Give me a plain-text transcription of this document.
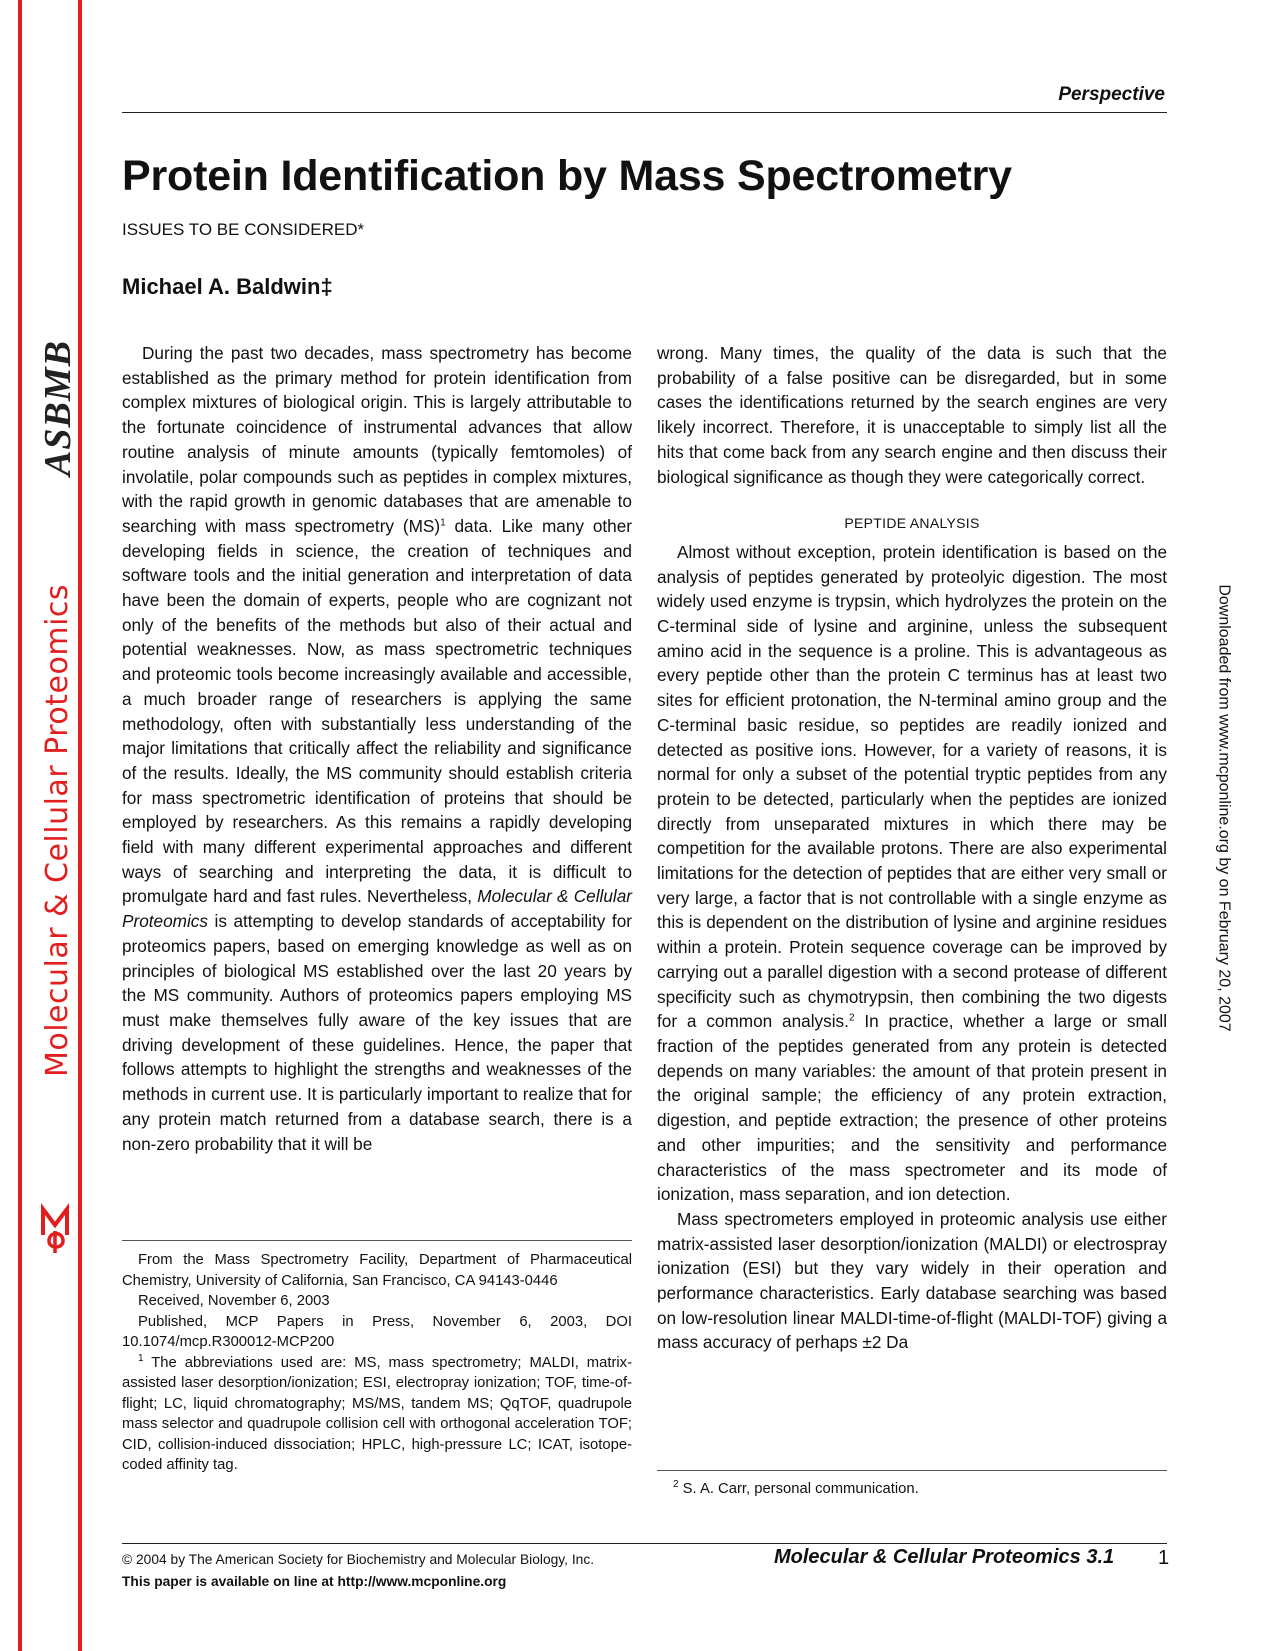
ASBMB
Molecular & Cellular Proteomics	Downloaded from www.mcponline.org by on February 20, 2007
Perspective
Protein Identification by Mass Spectrometry
ISSUES TO BE CONSIDERED*
Michael A. Baldwin‡

During the past two decades, mass spectrometry has become established as the primary method for protein identification from complex mixtures of biological origin. This is largely attributable to the fortunate coincidence of instrumental advances that allow routine analysis of minute amounts (typically femtomoles) of involatile, polar compounds such as peptides in complex mixtures, with the rapid growth in genomic databases that are amenable to searching with mass spectrometry (MS)$^1$ data. Like many other developing fields in science, the creation of techniques and software tools and the initial generation and interpretation of data have been the domain of experts, people who are cognizant not only of the benefits of the methods but also of their actual and potential weaknesses. Now, as mass spectrometric techniques and proteomic tools become increasingly available and accessible, a much broader range of researchers is applying the same methodology, often with substantially less understanding of the major limitations that critically affect the reliability and significance of the results. Ideally, the MS community should establish criteria for mass spectrometric identification of proteins that should be employed by researchers. As this remains a rapidly developing field with many different experimental approaches and different ways of searching and interpreting the data, it is difficult to promulgate hard and fast rules. Nevertheless, Molecular & Cellular Proteomics is attempting to develop standards of acceptability for proteomics papers, based on emerging knowledge as well as on principles of biological MS established over the last 20 years by the MS community. Authors of proteomics papers employing MS must make themselves fully aware of the key issues that are driving development of these guidelines. Hence, the paper that follows attempts to highlight the strengths and weaknesses of the methods in current use. It is particularly important to realize that for any protein match returned from a database search, there is a non-zero probability that it will be

wrong. Many times, the quality of the data is such that the probability of a false positive can be disregarded, but in some cases the identifications returned by the search engines are very likely incorrect. Therefore, it is unacceptable to simply list all the hits that come back from any search engine and then discuss their biological significance as though they were categorically correct.

PEPTIDE ANALYSIS

Almost without exception, protein identification is based on the analysis of peptides generated by proteolyic digestion. The most widely used enzyme is trypsin, which hydrolyzes the protein on the C-terminal side of lysine and arginine, unless the subsequent amino acid in the sequence is a proline. This is advantageous as every peptide other than the protein C terminus has at least two sites for efficient protonation, the N-terminal amino group and the C-terminal basic residue, so peptides are readily ionized and detected as positive ions. However, for a variety of reasons, it is normal for only a subset of the potential tryptic peptides from any protein to be detected, particularly when the peptides are ionized directly from unseparated mixtures in which there may be competition for the available protons. There are also experimental limitations for the detection of peptides that are either very small or very large, a factor that is not controllable with a single enzyme as this is dependent on the distribution of lysine and arginine residues within a protein. Protein sequence coverage can be improved by carrying out a parallel digestion with a second protease of different specificity such as chymotrypsin, then combining the two digests for a common analysis.$^2$ In practice, whether a large or small fraction of the peptides generated from any protein is detected depends on many variables: the amount of that protein present in the original sample; the efficiency of any protein extraction, digestion, and peptide extraction; the presence of other proteins and other impurities; and the sensitivity and performance characteristics of the mass spectrometer and its mode of ionization, mass separation, and ion detection.

Mass spectrometers employed in proteomic analysis use either matrix-assisted laser desorption/ionization (MALDI) or electrospray ionization (ESI) but they vary widely in their operation and performance characteristics. Early database searching was based on low-resolution linear MALDI-time-of-flight (MALDI-TOF) giving a mass accuracy of perhaps ±2 Da

From the Mass Spectrometry Facility, Department of Pharmaceutical Chemistry, University of California, San Francisco, CA 94143-0446

Received, November 6, 2003

Published, MCP Papers in Press, November 6, 2003, DOI 10.1074/mcp.R300012-MCP200

$^1$ The abbreviations used are: MS, mass spectrometry; MALDI, matrix-assisted laser desorption/ionization; ESI, electropray ionization; TOF, time-of-flight; LC, liquid chromatography; MS/MS, tandem MS; QqTOF, quadrupole mass selector and quadrupole collision cell with orthogonal acceleration TOF; CID, collision-induced dissociation; HPLC, high-pressure LC; ICAT, isotope-coded affinity tag.

$^2$ S. A. Carr, personal communication.
© 2004 by The American Society for Biochemistry and Molecular Biology, Inc.
This paper is available on line at http://www.mcponline.org
Molecular & Cellular Proteomics 3.1 1
